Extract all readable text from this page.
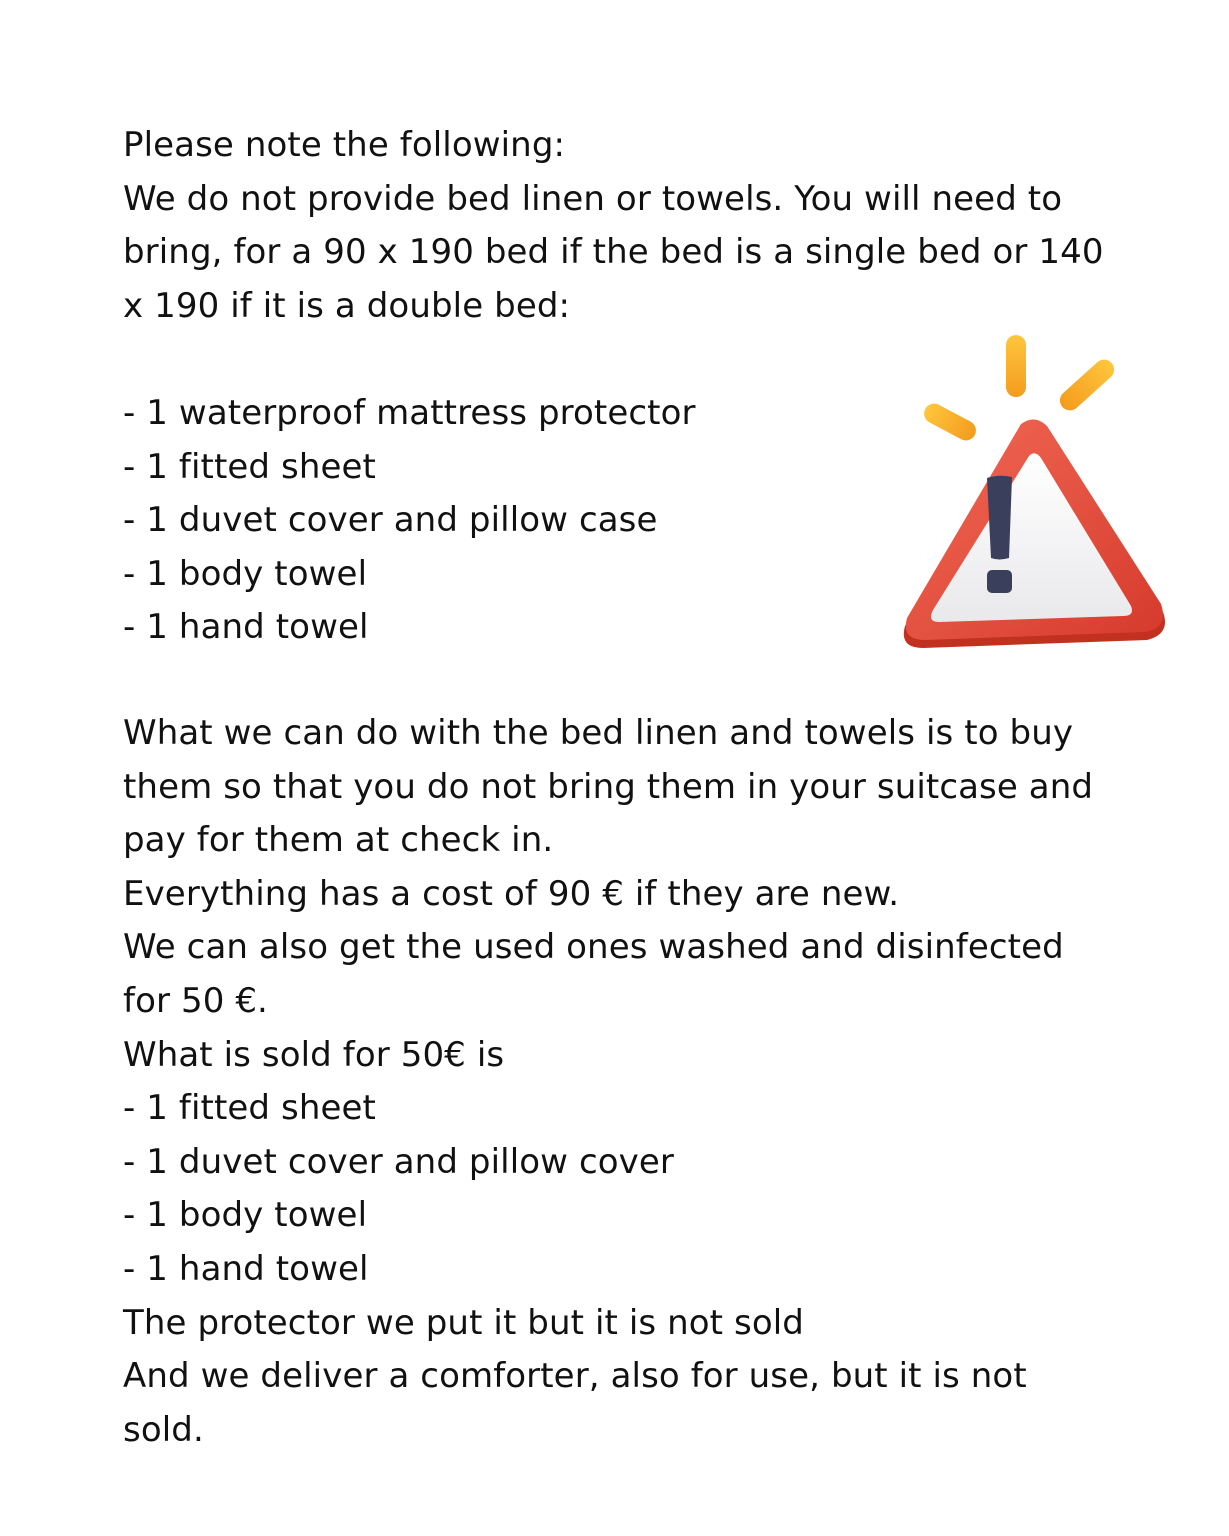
Please note the following:
We do not provide bed linen or towels. You will need to
bring, for a 90 x 190 bed if the bed is a single bed or 140
x 190 if it is a double bed:
- 1 waterproof mattress protector
- 1 fitted sheet
- 1 duvet cover and pillow case
- 1 body towel
- 1 hand towel
What we can do with the bed linen and towels is to buy
them so that you do not bring them in your suitcase and
pay for them at check in.
Everything has a cost of 90 € if they are new.
We can also get the used ones washed and disinfected
for 50 €.
What is sold for 50€ is
- 1 fitted sheet
- 1 duvet cover and pillow cover
- 1 body towel
- 1 hand towel
The protector we put it but it is not sold
And we deliver a comforter, also for use, but it is not
sold.
